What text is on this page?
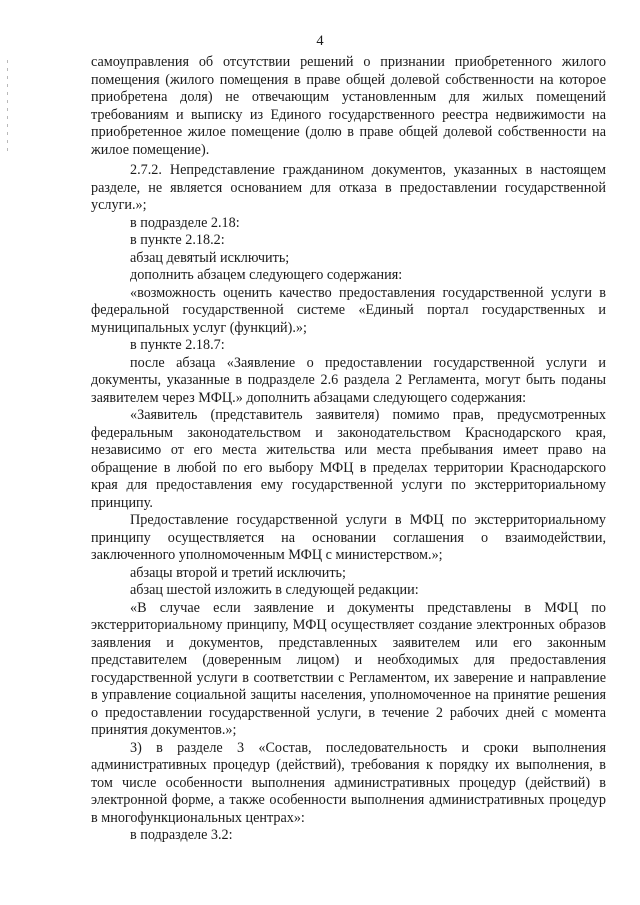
4

самоуправления об отсутствии решений о признании приобретенного жилого помещения (жилого помещения в праве общей долевой собственности на которое приобретена доля) не отвечающим установленным для жилых помещений требованиям и выписку из Единого государственного реестра недвижимости на приобретенное жилое помещение (долю в праве общей долевой собственности на жилое помещение).

2.7.2. Непредставление гражданином документов, указанных в настоящем разделе, не является основанием для отказа в предоставлении государственной услуги.»;

в подразделе 2.18:

в пункте 2.18.2:

абзац девятый исключить;

дополнить абзацем следующего содержания:

«возможность оценить качество предоставления государственной услуги в федеральной государственной системе «Единый портал государственных и муниципальных услуг (функций).»;

в пункте 2.18.7:

после абзаца «Заявление о предоставлении государственной услуги и документы, указанные в подразделе 2.6 раздела 2 Регламента, могут быть поданы заявителем через МФЦ.» дополнить абзацами следующего содержания:

«Заявитель (представитель заявителя) помимо прав, предусмотренных федеральным законодательством и законодательством Краснодарского края, независимо от его места жительства или места пребывания имеет право на обращение в любой по его выбору МФЦ в пределах территории Краснодарского края для предоставления ему государственной услуги по экстерриториальному принципу.

Предоставление государственной услуги в МФЦ по экстерриториальному принципу осуществляется на основании соглашения о взаимодействии, заключенного уполномоченным МФЦ с министерством.»;

абзацы второй и третий исключить;

абзац шестой изложить в следующей редакции:

«В случае если заявление и документы представлены в МФЦ по экстерриториальному принципу, МФЦ осуществляет создание электронных образов заявления и документов, представленных заявителем или его законным представителем (доверенным лицом) и необходимых для предоставления государственной услуги в соответствии с Регламентом, их заверение и направление в управление социальной защиты населения, уполномоченное на принятие решения о предоставлении государственной услуги, в течение 2 рабочих дней с момента принятия документов.»;

3) в разделе 3 «Состав, последовательность и сроки выполнения административных процедур (действий), требования к порядку их выполнения, в том числе особенности выполнения административных процедур (действий) в электронной форме, а также особенности выполнения административных процедур в многофункциональных центрах»:

в подразделе 3.2:
